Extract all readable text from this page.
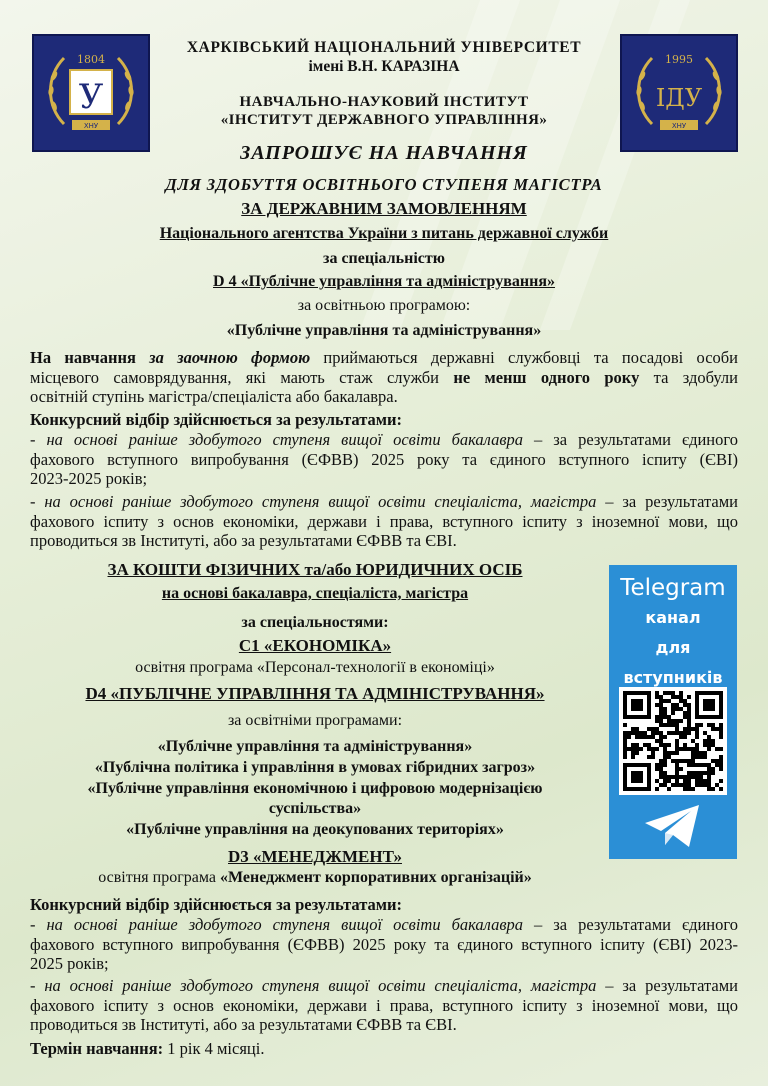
У
1804
ХНУ
ІДУ
1995
ХНУ
ХАРКІВСЬКИЙ НАЦІОНАЛЬНИЙ УНІВЕРСИТЕТ
імені В.Н. КАРАЗІНА
НАВЧАЛЬНО-НАУКОВИЙ ІНСТИТУТ
«ІНСТИТУТ ДЕРЖАВНОГО УПРАВЛІННЯ»
ЗАПРОШУЄ НА НАВЧАННЯ
ДЛЯ ЗДОБУТТЯ ОСВІТНЬОГО СТУПЕНЯ МАГІСТРА
ЗА ДЕРЖАВНИМ ЗАМОВЛЕННЯМ
Національного агентства України з питань державної служби
за спеціальністю
D 4 «Публічне управління та адміністрування»
за освітньою програмою:
«Публічне управління та адміністрування»
На навчання за заочною формою приймаються державні службовці та посадові особи
місцевого самоврядування, які мають стаж служби не менш одного року та здобули
освітній ступінь магістра/спеціаліста або бакалавра.
Конкурсний відбір здійснюється за результатами:
- на основі раніше здобутого ступеня вищої освіти бакалавра – за результатами єдиного
фахового вступного випробування (ЄФВВ) 2025 року та єдиного вступного іспиту (ЄВІ)
2023-2025 років;
- на основі раніше здобутого ступеня вищої освіти спеціаліста, магістра – за результатами
фахового іспиту з основ економіки, держави і права, вступного іспиту з іноземної мови, що
проводиться зв Інституті, або за результатами ЄФВВ та ЄВІ.
ЗА КОШТИ ФІЗИЧНИХ та/або ЮРИДИЧНИХ ОСІБ
на основі бакалавра, спеціаліста, магістра
за спеціальностями:
С1 «ЕКОНОМІКА»
освітня програма «Персонал-технології в економіці»
D4 «ПУБЛІЧНЕ УПРАВЛІННЯ ТА АДМІНІСТРУВАННЯ»
за освітніми програмами:
«Публічне управління та адміністрування»
«Публічна політика і управління в умовах гібридних загроз»
«Публічне управління економічною і цифровою модернізацією
суспільства»
«Публічне управління на деокупованих територіях»
D3 «МЕНЕДЖМЕНТ»
освітня програма «Менеджмент корпоративних організацій»
Конкурсний відбір здійснюється за результатами:
- на основі раніше здобутого ступеня вищої освіти бакалавра – за результатами єдиного
фахового вступного випробування (ЄФВВ) 2025 року та єдиного вступного іспиту (ЄВІ) 2023-
2025 років;
- на основі раніше здобутого ступеня вищої освіти спеціаліста, магістра – за результатами
фахового іспиту з основ економіки, держави і права, вступного іспиту з іноземної мови, що
проводиться зв Інституті, або за результатами ЄФВВ та ЄВІ.
Термін навчання: 1 рік 4 місяці.
Telegram
канал
для
вступників
